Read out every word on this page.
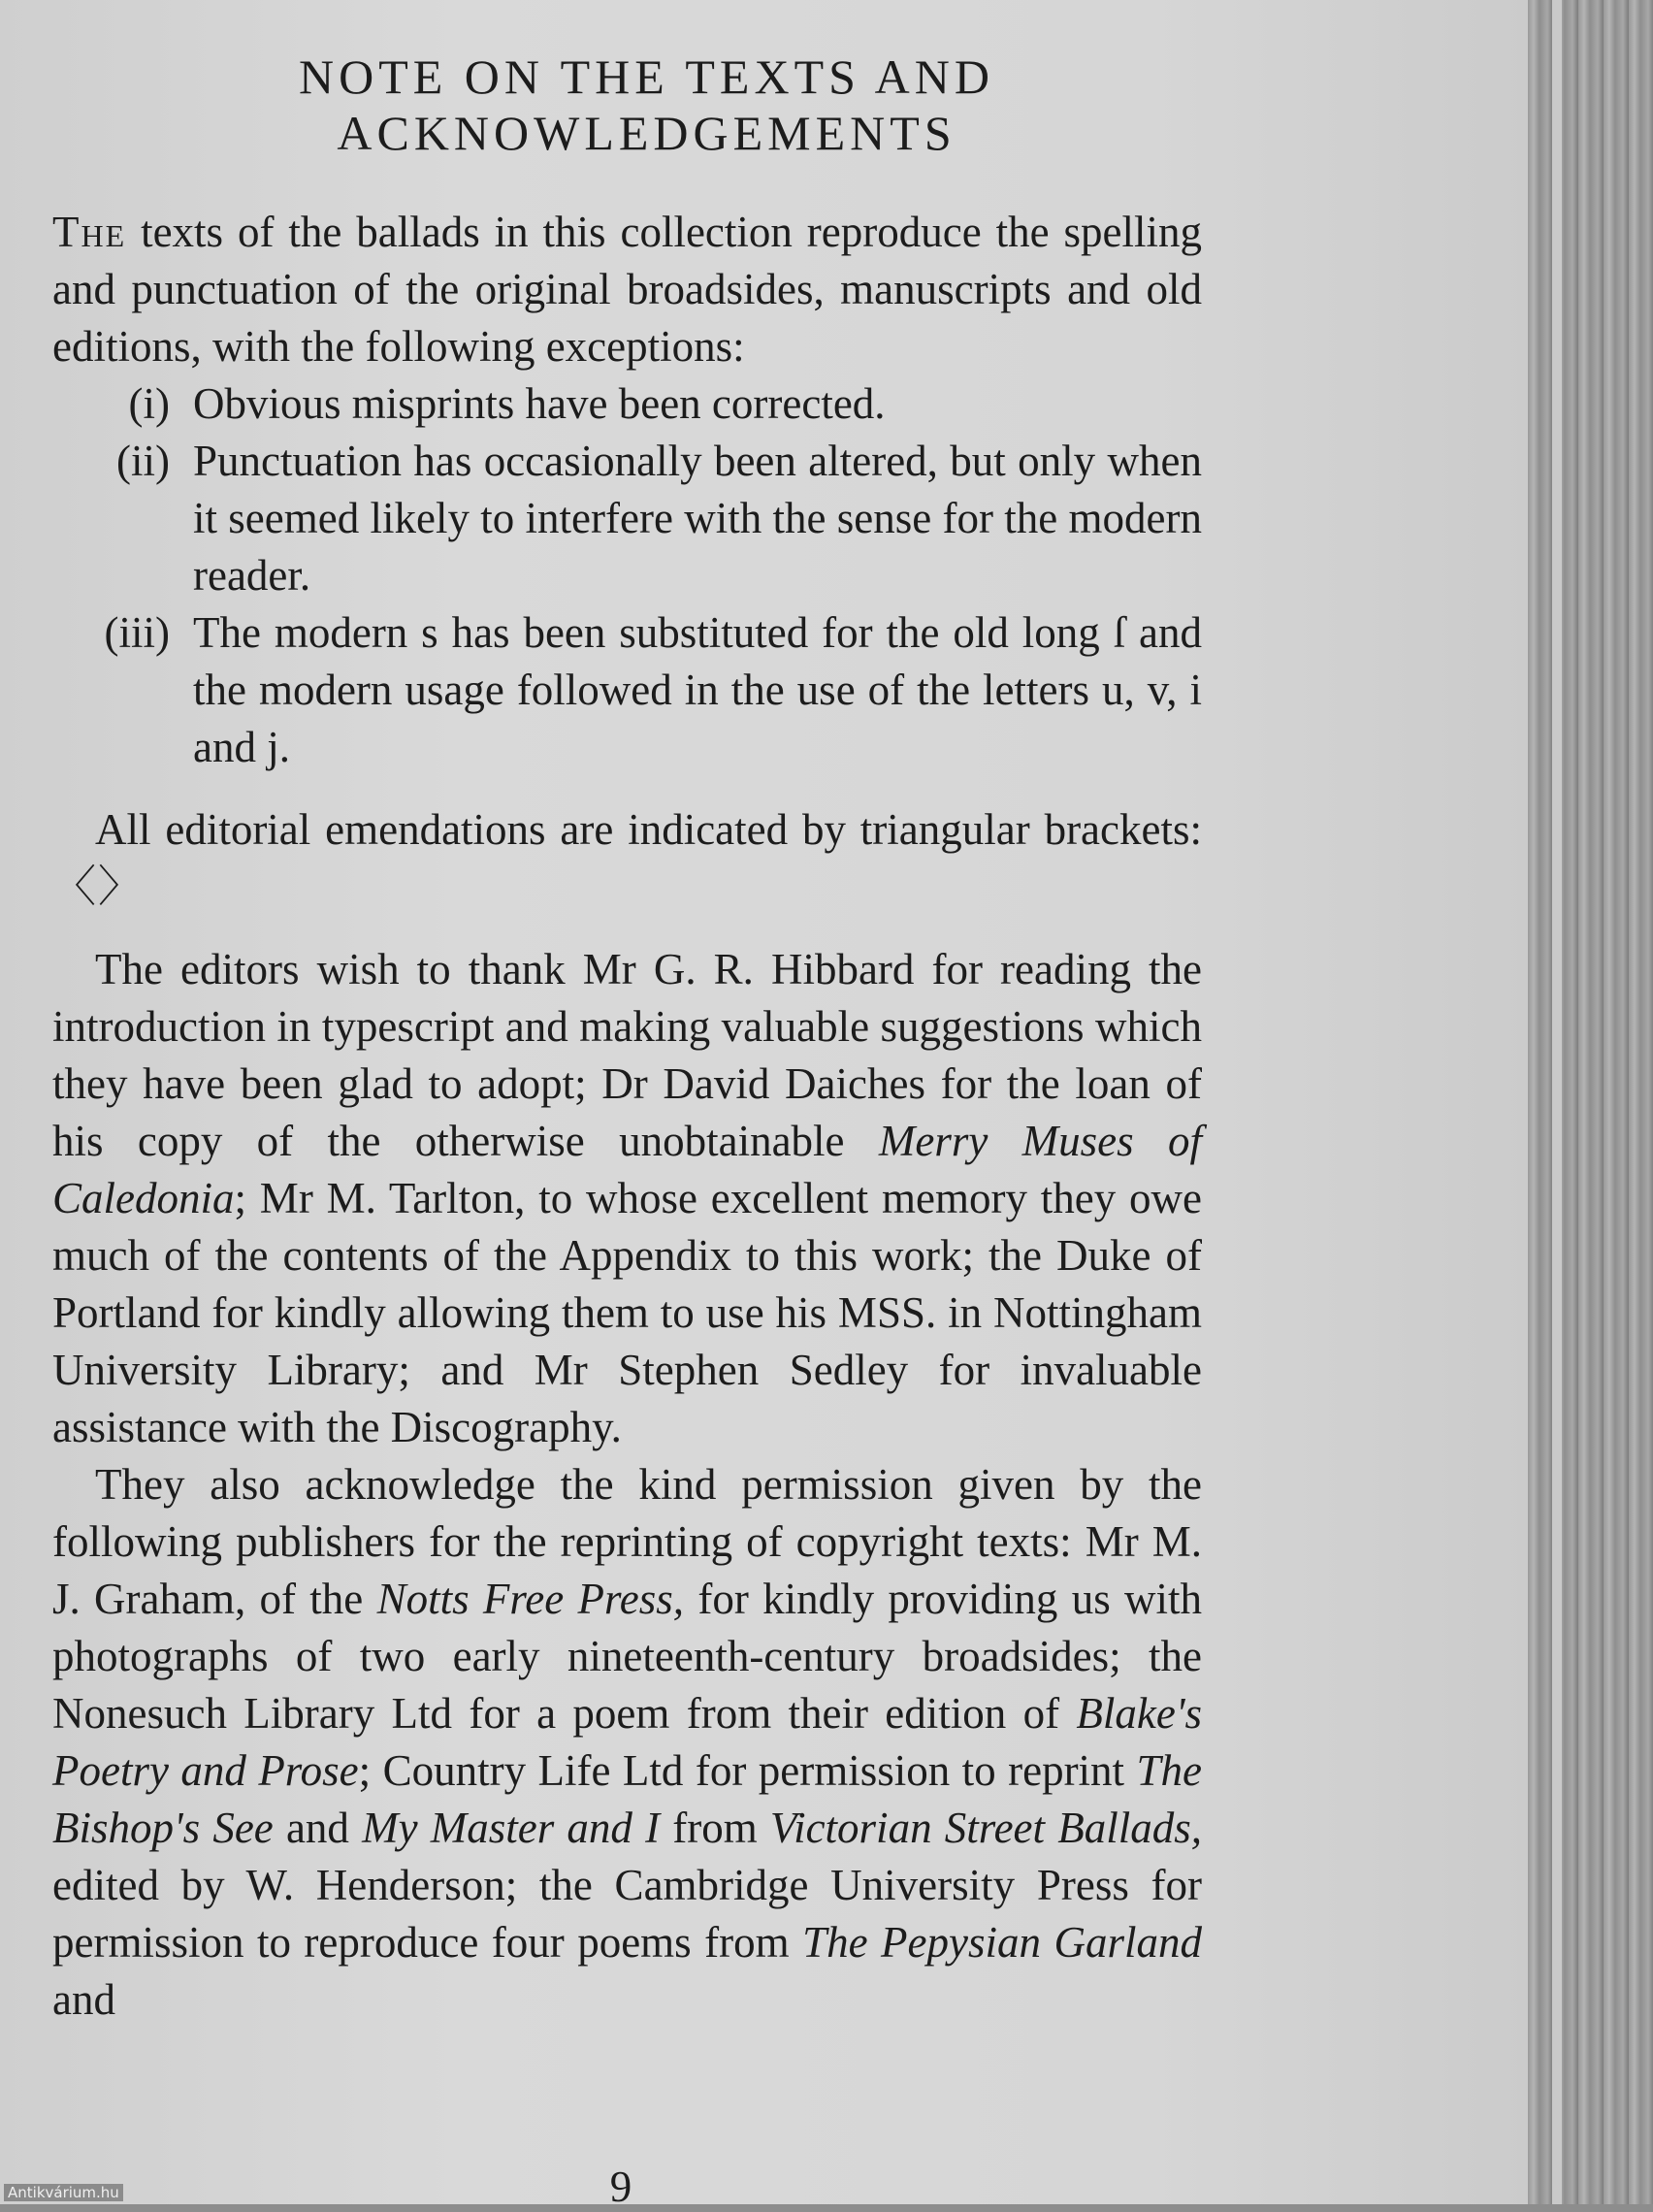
NOTE ON THE TEXTS AND
ACKNOWLEDGEMENTS

The texts of the ballads in this collection reproduce the spelling and punctuation of the original broadsides, manuscripts and old editions, with the following exceptions:

(i) Obvious misprints have been corrected.
(ii) Punctuation has occasionally been altered, but only when it seemed likely to interfere with the sense for the modern reader.
(iii) The modern s has been substituted for the old long ſ and the modern usage followed in the use of the letters u, v, i and j.

All editorial emendations are indicated by triangular brackets: 〈〉

The editors wish to thank Mr G. R. Hibbard for reading the introduction in typescript and making valuable suggestions which they have been glad to adopt; Dr David Daiches for the loan of his copy of the otherwise unobtainable Merry Muses of Caledonia; Mr M. Tarlton, to whose excellent memory they owe much of the contents of the Appendix to this work; the Duke of Portland for kindly allowing them to use his MSS. in Nottingham University Library; and Mr Stephen Sedley for invaluable assistance with the Discography.

They also acknowledge the kind permission given by the following publishers for the reprinting of copyright texts: Mr M. J. Graham, of the Notts Free Press, for kindly providing us with photographs of two early nineteenth-century broadsides; the Nonesuch Library Ltd for a poem from their edition of Blake's Poetry and Prose; Country Life Ltd for permission to reprint The Bishop's See and My Master and I from Victorian Street Ballads, edited by W. Henderson; the Cambridge University Press for permission to reproduce four poems from The Pepysian Garland and

9
Antikvárium.hu
